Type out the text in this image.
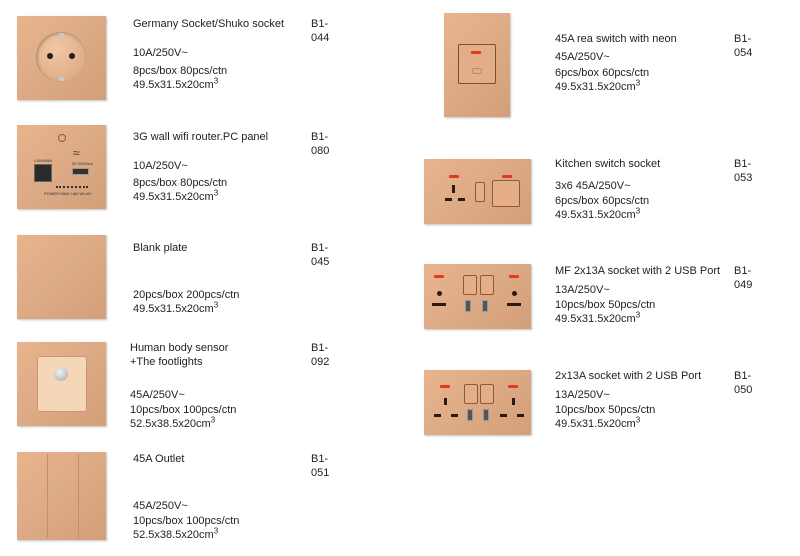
Germany Socket/Shuko socket B1-044
10A/250V~
8pcs/box 80pcs/ctn
$49.5x31.5x20cm^3$
≈
LAN/WAN
5V 2000mA
POWER WAN LAN WLAN
3G wall wifi router.PC panel	B1-080
10A/250V~
8pcs/box 80pcs/ctn
$49.5x31.5x20cm^3$
Blank plate	B1-045
20pcs/box 200pcs/ctn
$49.5x31.5x20cm^3$
Human body sensor
+The footlights
B1-092
45A/250V~
10pcs/box 100pcs/ctn
$52.5x38.5x20cm^3$
45A Outlet	B1-051
45A/250V~
10pcs/box 100pcs/ctn
$52.5x38.5x20cm^3$
45A rea switch with neon	B1-054
45A/250V~
6pcs/box 60pcs/ctn
$49.5x31.5x20cm^3$
Kitchen switch socket	B1-053
3x6 45A/250V~
6pcs/box 60pcs/ctn
$49.5x31.5x20cm^3$
MF 2x13A socket with 2 USB Port B1-049
13A/250V~
10pcs/box 50pcs/ctn
$49.5x31.5x20cm^3$
2x13A socket with 2 USB Port	B1-050
13A/250V~
10pcs/box 50pcs/ctn
$49.5x31.5x20cm^3$
